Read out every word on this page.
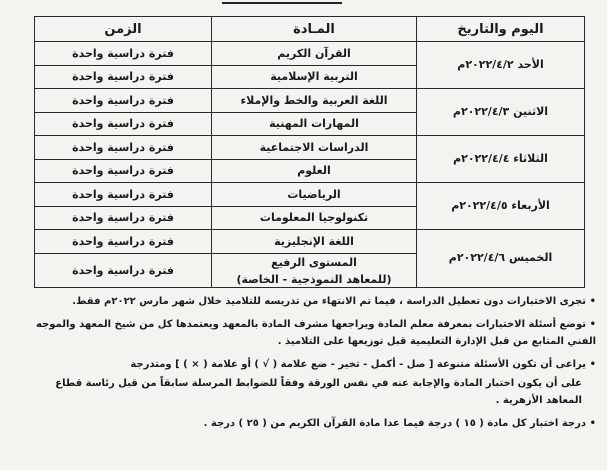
اليوم والتاريخ	المـادة	الزمن
الأحد ٢٠٢٢/٤/٢م	القرآن الكريم	فترة دراسية واحدة
	التربية الإسلامية	فترة دراسية واحدة
الاثنين ٢٠٢٢/٤/٣م	اللغة العربية والخط والإملاء	فترة دراسية واحدة
	المهارات المهنية	فترة دراسية واحدة
الثلاثاء ٢٠٢٢/٤/٤م	الدراسات الاجتماعية	فترة دراسية واحدة
	العلوم	فترة دراسية واحدة
الأربعاء ٢٠٢٢/٤/٥م	الرياضيات	فترة دراسية واحدة
	تكنولوجيا المعلومات	فترة دراسية واحدة
الخميس ٢٠٢٢/٤/٦م	اللغة الإنجليزية	فترة دراسية واحدة
	المستوى الرفيع	فترة دراسية واحدة
	(للمعاهد النموذجية - الخاصة)	

•تجرى الاختبارات دون تعطيل الدراسة ، فيما تم الانتهاء من تدريسه للتلاميذ خلال شهر مارس ٢٠٢٢م فقط.

•توضع أسئلة الاختبارات بمعرفة معلم المادة ويراجعها مشرف المادة بالمعهد ويعتمدها كل من شيخ المعهد والموجه الفني المتابع من قبل الإدارة التعليمية قبل توزيعها على التلاميذ .

•يراعى أن تكون الأسئلة متنوعة [ صل - أكمل - تخير - ضع علامة ( √ ) أو علامة ( × ) ] ومتدرجة

على أن يكون اختبار المادة والإجابة عنه في نفس الورقة وفقاً للضوابط المرسلة سابقاً من قبل رئاسة قطاع المعاهد الأزهرية .

•درجة اختبار كل مادة ( ١٥ ) درجة فيما عدا مادة القرآن الكريم من ( ٢٥ ) درجة .
